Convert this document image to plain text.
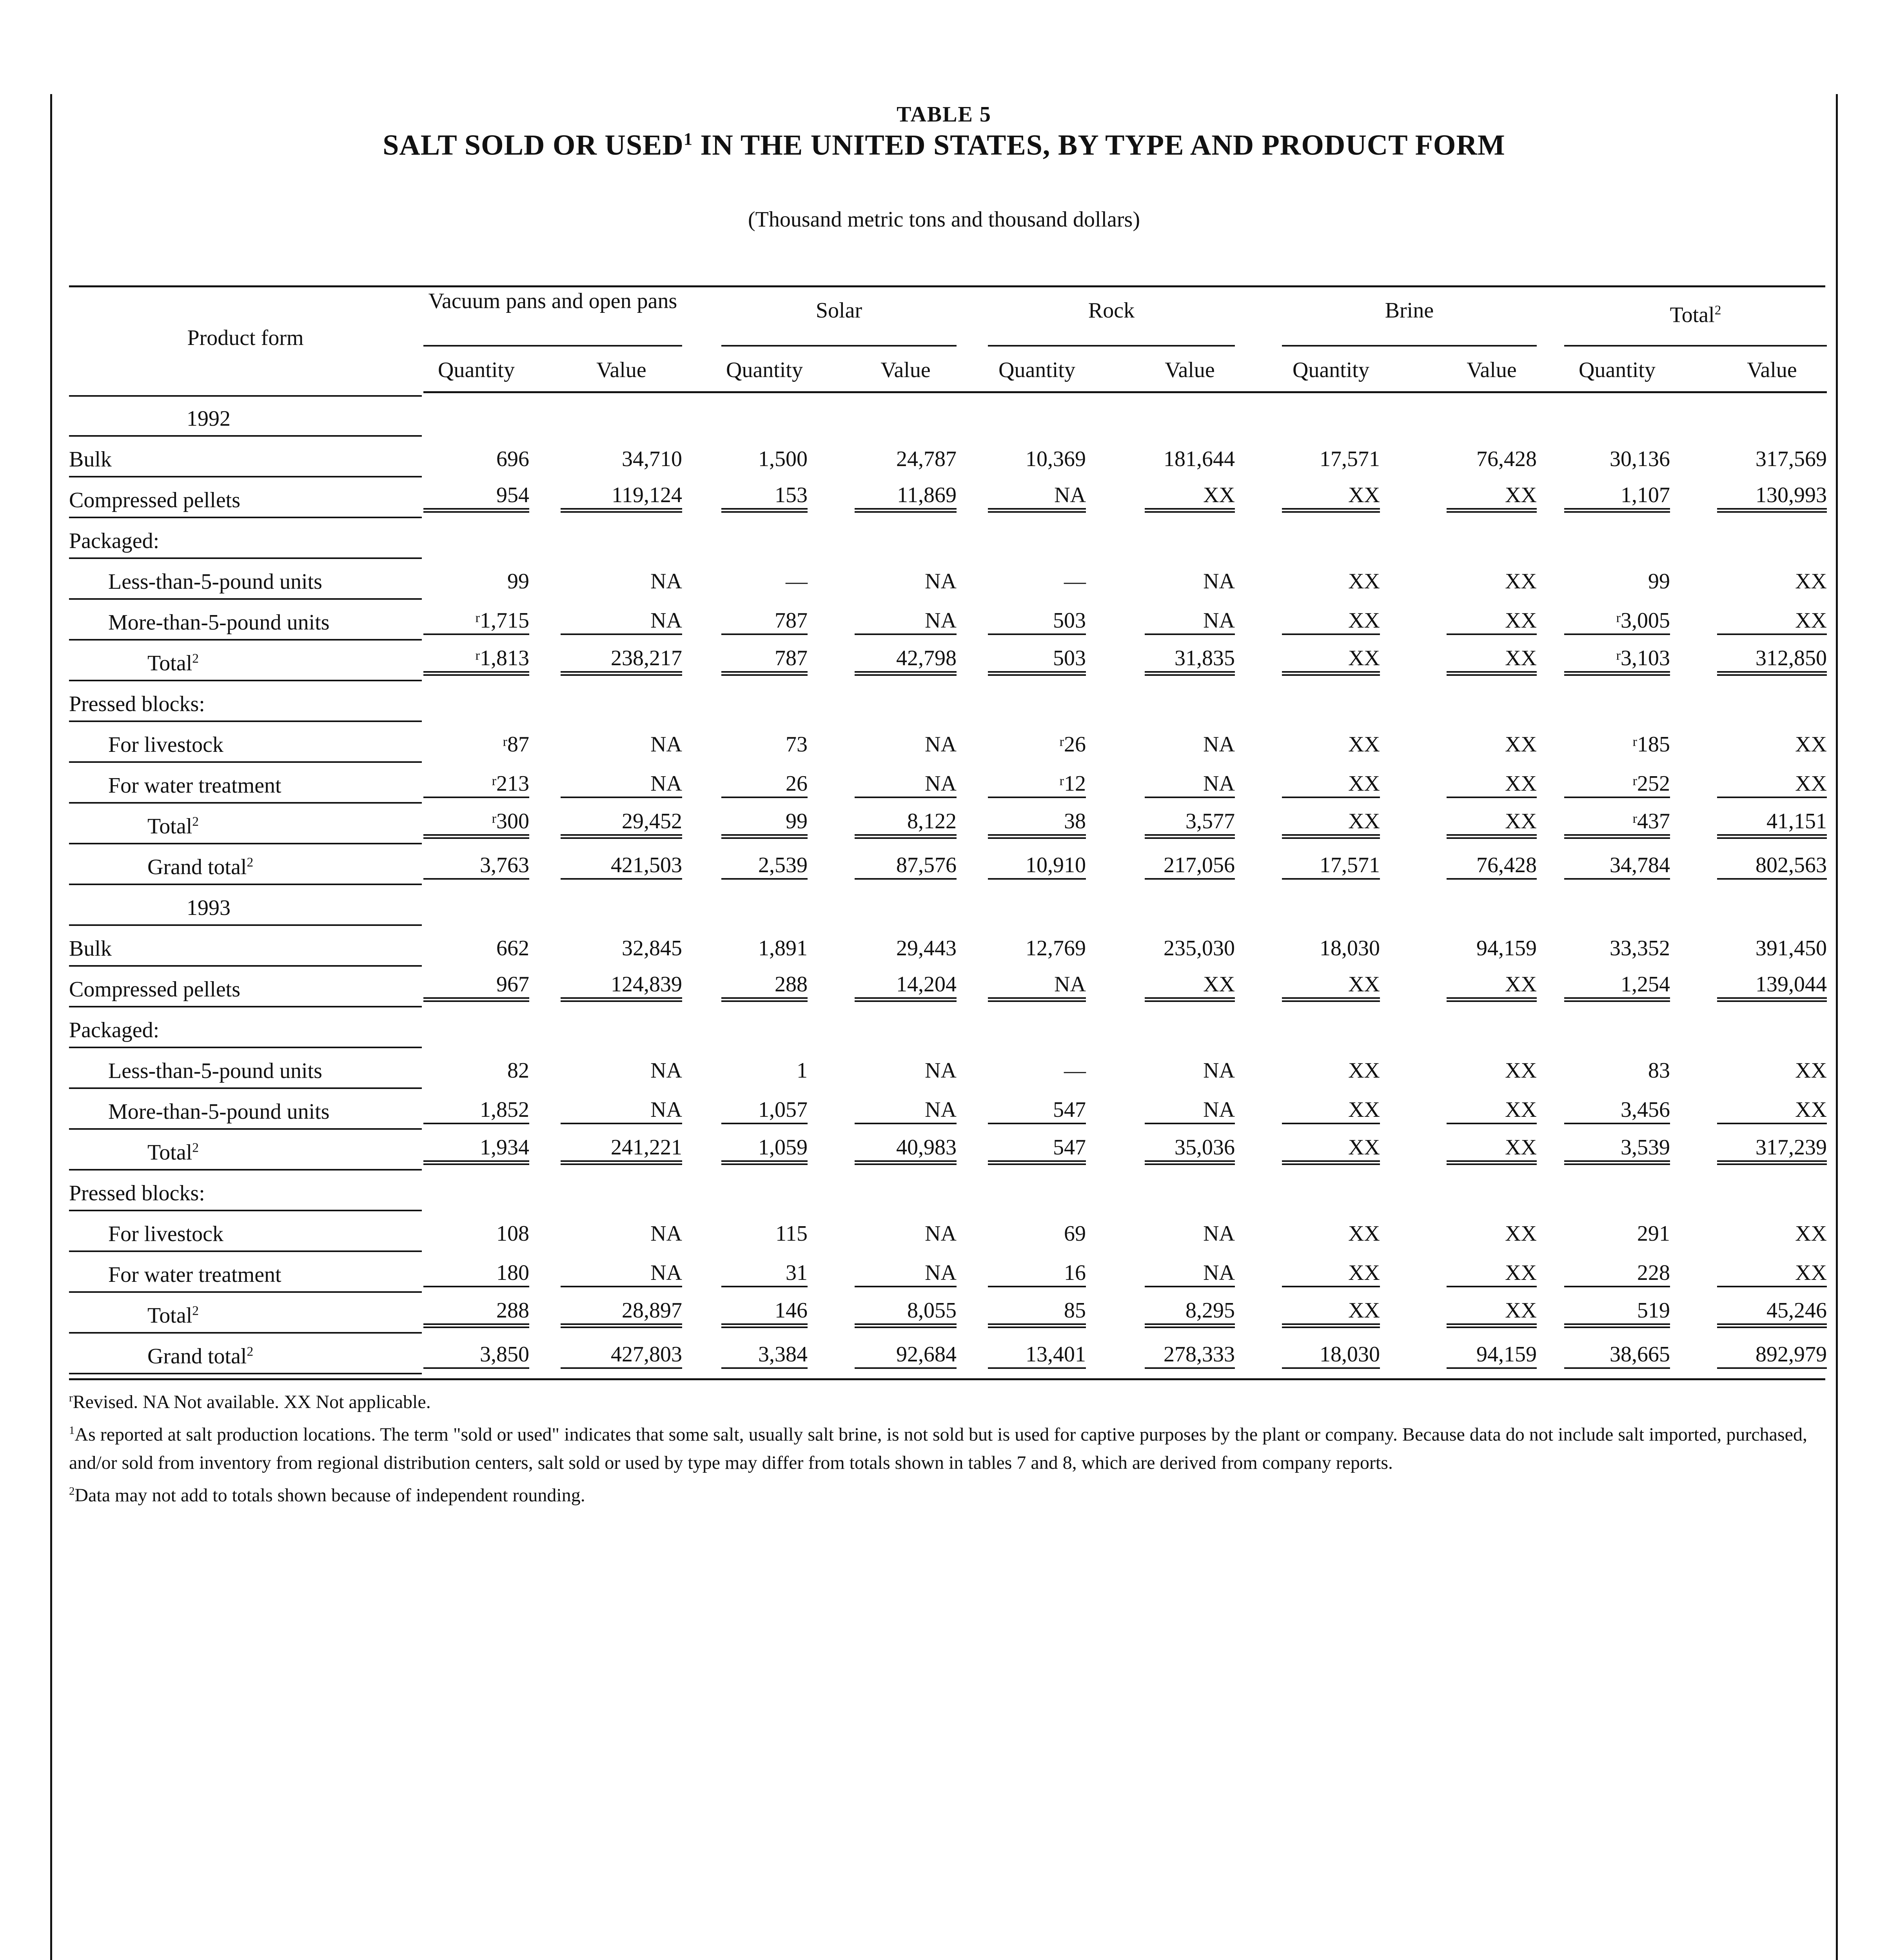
TABLE 5
SALT SOLD OR USED$^1$ IN THE UNITED STATES, BY TYPE AND PRODUCT FORM
(Thousand metric tons and thousand dollars)
Product form
Vacuum pans and open pans
Quantity	Value
Solar
Quantity	Value
Rock
Quantity	Value
Brine
Quantity	Value
Total$^2$
Quantity	Value
1992
Bulk	696	34,710	1,500	24,787	10,369	181,644	17,571	76,428	30,136	317,569
Compressed pellets	954	119,124	153	11,869	NA	XX	XX	XX	1,107	130,993
Packaged:
Less-than-5-pound units	99	NA	—	NA	—	NA	XX	XX	99	XX
More-than-5-pound units	$^r$1,715	NA	787	NA	503	NA	XX	XX	$^r$3,005	XX
Total$^2$	$^r$1,813	238,217	787	42,798	503	31,835	XX	XX	$^r$3,103	312,850
Pressed blocks:
For livestock	$^r$87	NA	73	NA	$^r$26	NA	XX	XX	$^r$185	XX
For water treatment	$^r$213	NA	26	NA	$^r$12	NA	XX	XX	$^r$252	XX
Total$^2$	$^r$300	29,452	99	8,122	38	3,577	XX	XX	$^r$437	41,151
Grand total$^2$	3,763	421,503	2,539	87,576	10,910	217,056	17,571	76,428	34,784	802,563
1993
Bulk	662	32,845	1,891	29,443	12,769	235,030	18,030	94,159	33,352	391,450
Compressed pellets	967	124,839	288	14,204	NA	XX	XX	XX	1,254	139,044
Packaged:
Less-than-5-pound units	82	NA	1	NA	—	NA	XX	XX	83	XX
More-than-5-pound units	1,852	NA	1,057	NA	547	NA	XX	XX	3,456	XX
Total$^2$	1,934	241,221	1,059	40,983	547	35,036	XX	XX	3,539	317,239
Pressed blocks:
For livestock	108	NA	115	NA	69	NA	XX	XX	291	XX
For water treatment	180	NA	31	NA	16	NA	XX	XX	228	XX
Total$^2$	288	28,897	146	8,055	85	8,295	XX	XX	519	45,246
Grand total$^2$	3,850	427,803	3,384	92,684	13,401	278,333	18,030	94,159	38,665	892,979

$^r$Revised. NA Not available. XX Not applicable.

$^1$As reported at salt production locations. The term "sold or used" indicates that some salt, usually salt brine, is not sold but is used for captive purposes by the plant or company. Because data do not include salt imported, purchased, and/or sold from inventory from regional distribution centers, salt sold or used by type may differ from totals shown in tables 7 and 8, which are derived from company reports.

$^2$Data may not add to totals shown because of independent rounding.
